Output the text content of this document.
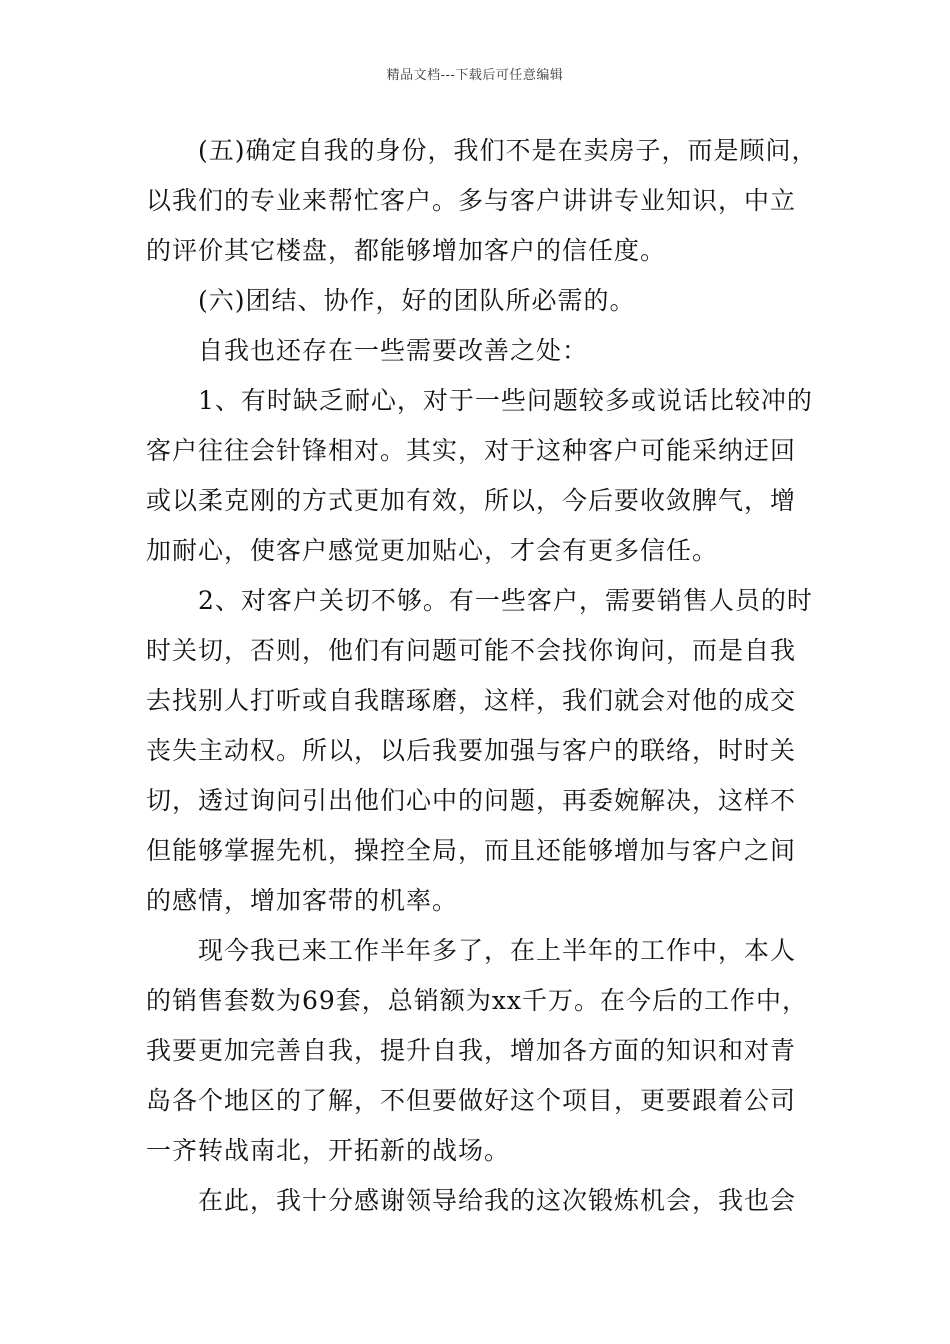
精品文档---下载后可任意编辑
(五)确定自我的身份，我们不是在卖房子，而是顾问，
以我们的专业来帮忙客户。多与客户讲讲专业知识，中立
的评价其它楼盘，都能够增加客户的信任度。
(六)团结、协作，好的团队所必需的。
自我也还存在一些需要改善之处：
1、有时缺乏耐心，对于一些问题较多或说话比较冲的
客户往往会针锋相对。其实，对于这种客户可能采纳迂回
或以柔克刚的方式更加有效，所以，今后要收敛脾气，增
加耐心，使客户感觉更加贴心，才会有更多信任。
2、对客户关切不够。有一些客户，需要销售人员的时
时关切，否则，他们有问题可能不会找你询问，而是自我
去找别人打听或自我瞎琢磨，这样，我们就会对他的成交
丧失主动权。所以，以后我要加强与客户的联络，时时关
切，透过询问引出他们心中的问题，再委婉解决，这样不
但能够掌握先机，操控全局，而且还能够增加与客户之间
的感情，增加客带的机率。
现今我已来工作半年多了，在上半年的工作中，本人
的销售套数为69套，总销额为xx千万。在今后的工作中，
我要更加完善自我，提升自我，增加各方面的知识和对青
岛各个地区的了解，不但要做好这个项目，更要跟着公司
一齐转战南北，开拓新的战场。
在此，我十分感谢领导给我的这次锻炼机会，我也会
